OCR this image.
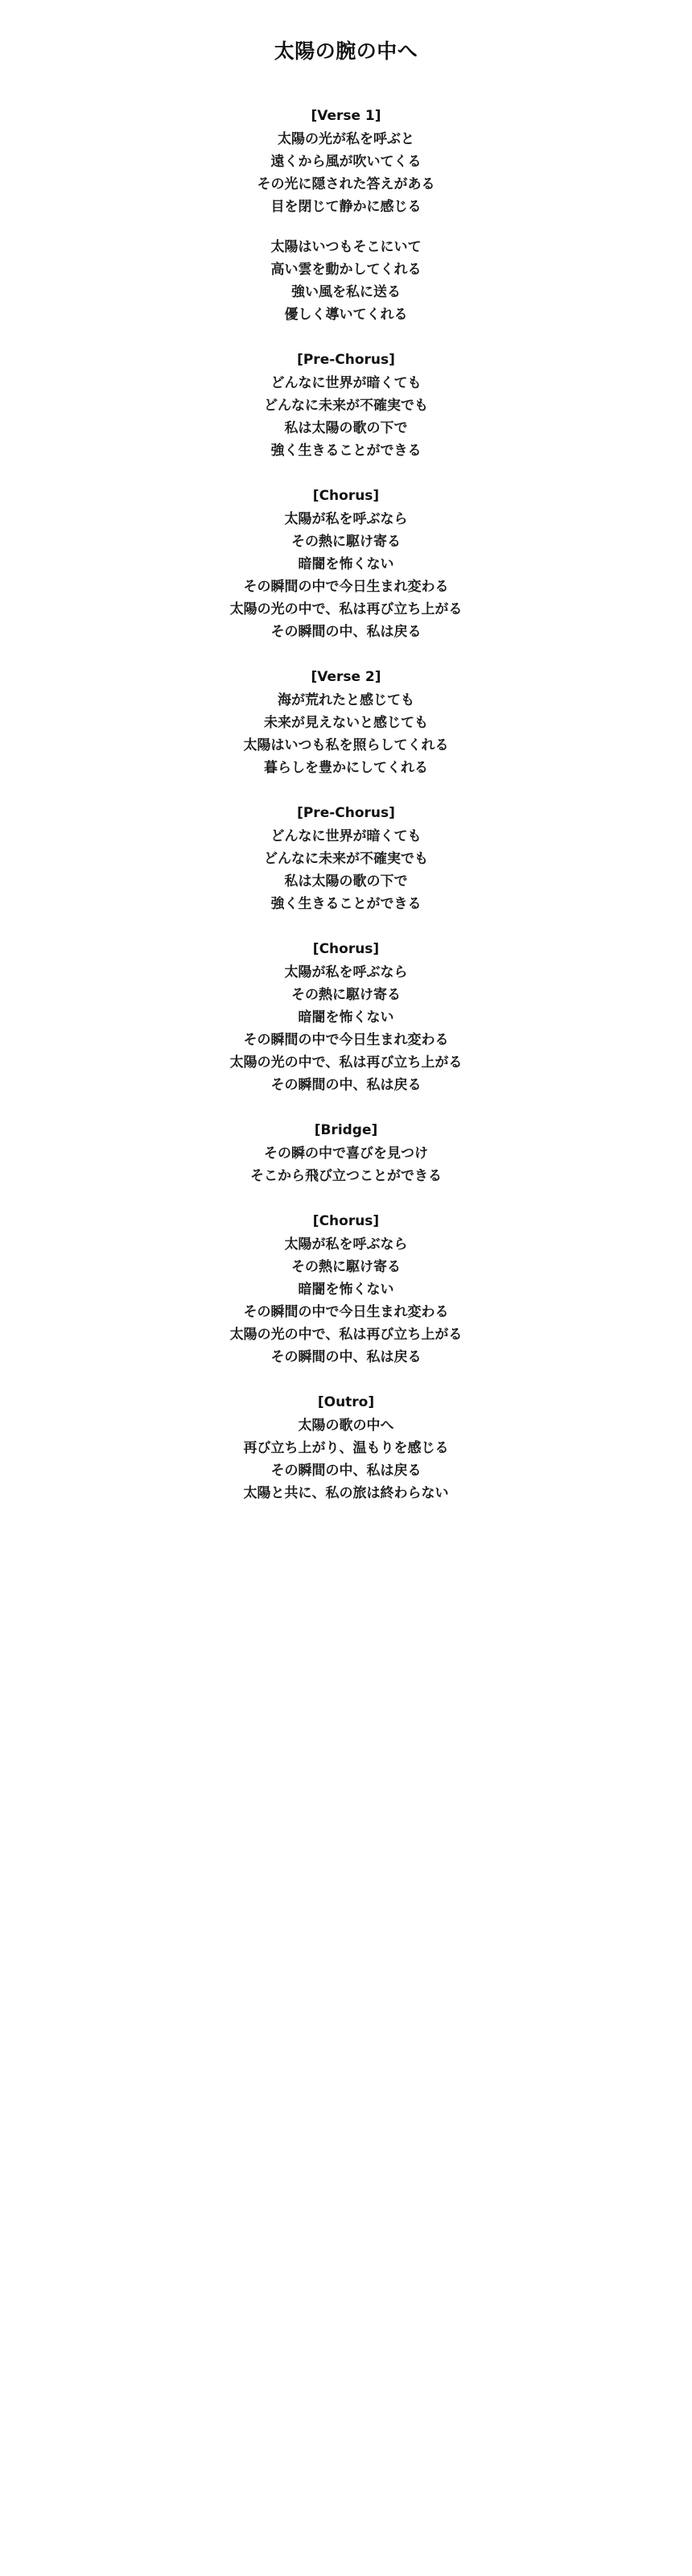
太陽の腕の中へ
[Verse 1]
太陽の光が私を呼ぶと
遠くから風が吹いてくる
その光に隠された答えがある
目を閉じて静かに感じる
太陽はいつもそこにいて
高い雲を動かしてくれる
強い風を私に送る
優しく導いてくれる
[Pre-Chorus]
どんなに世界が暗くても
どんなに未来が不確実でも
私は太陽の歌の下で
強く生きることができる
[Chorus]
太陽が私を呼ぶなら
その熱に駆け寄る
暗闇を怖くない
その瞬間の中で今日生まれ変わる
太陽の光の中で、私は再び立ち上がる
その瞬間の中、私は戻る
[Verse 2]
海が荒れたと感じても
未来が見えないと感じても
太陽はいつも私を照らしてくれる
暮らしを豊かにしてくれる
[Pre-Chorus]
どんなに世界が暗くても
どんなに未来が不確実でも
私は太陽の歌の下で
強く生きることができる
[Chorus]
太陽が私を呼ぶなら
その熱に駆け寄る
暗闇を怖くない
その瞬間の中で今日生まれ変わる
太陽の光の中で、私は再び立ち上がる
その瞬間の中、私は戻る
[Bridge]
その瞬の中で喜びを見つけ
そこから飛び立つことができる
[Chorus]
太陽が私を呼ぶなら
その熱に駆け寄る
暗闇を怖くない
その瞬間の中で今日生まれ変わる
太陽の光の中で、私は再び立ち上がる
その瞬間の中、私は戻る
[Outro]
太陽の歌の中へ
再び立ち上がり、温もりを感じる
その瞬間の中、私は戻る
太陽と共に、私の旅は終わらない
